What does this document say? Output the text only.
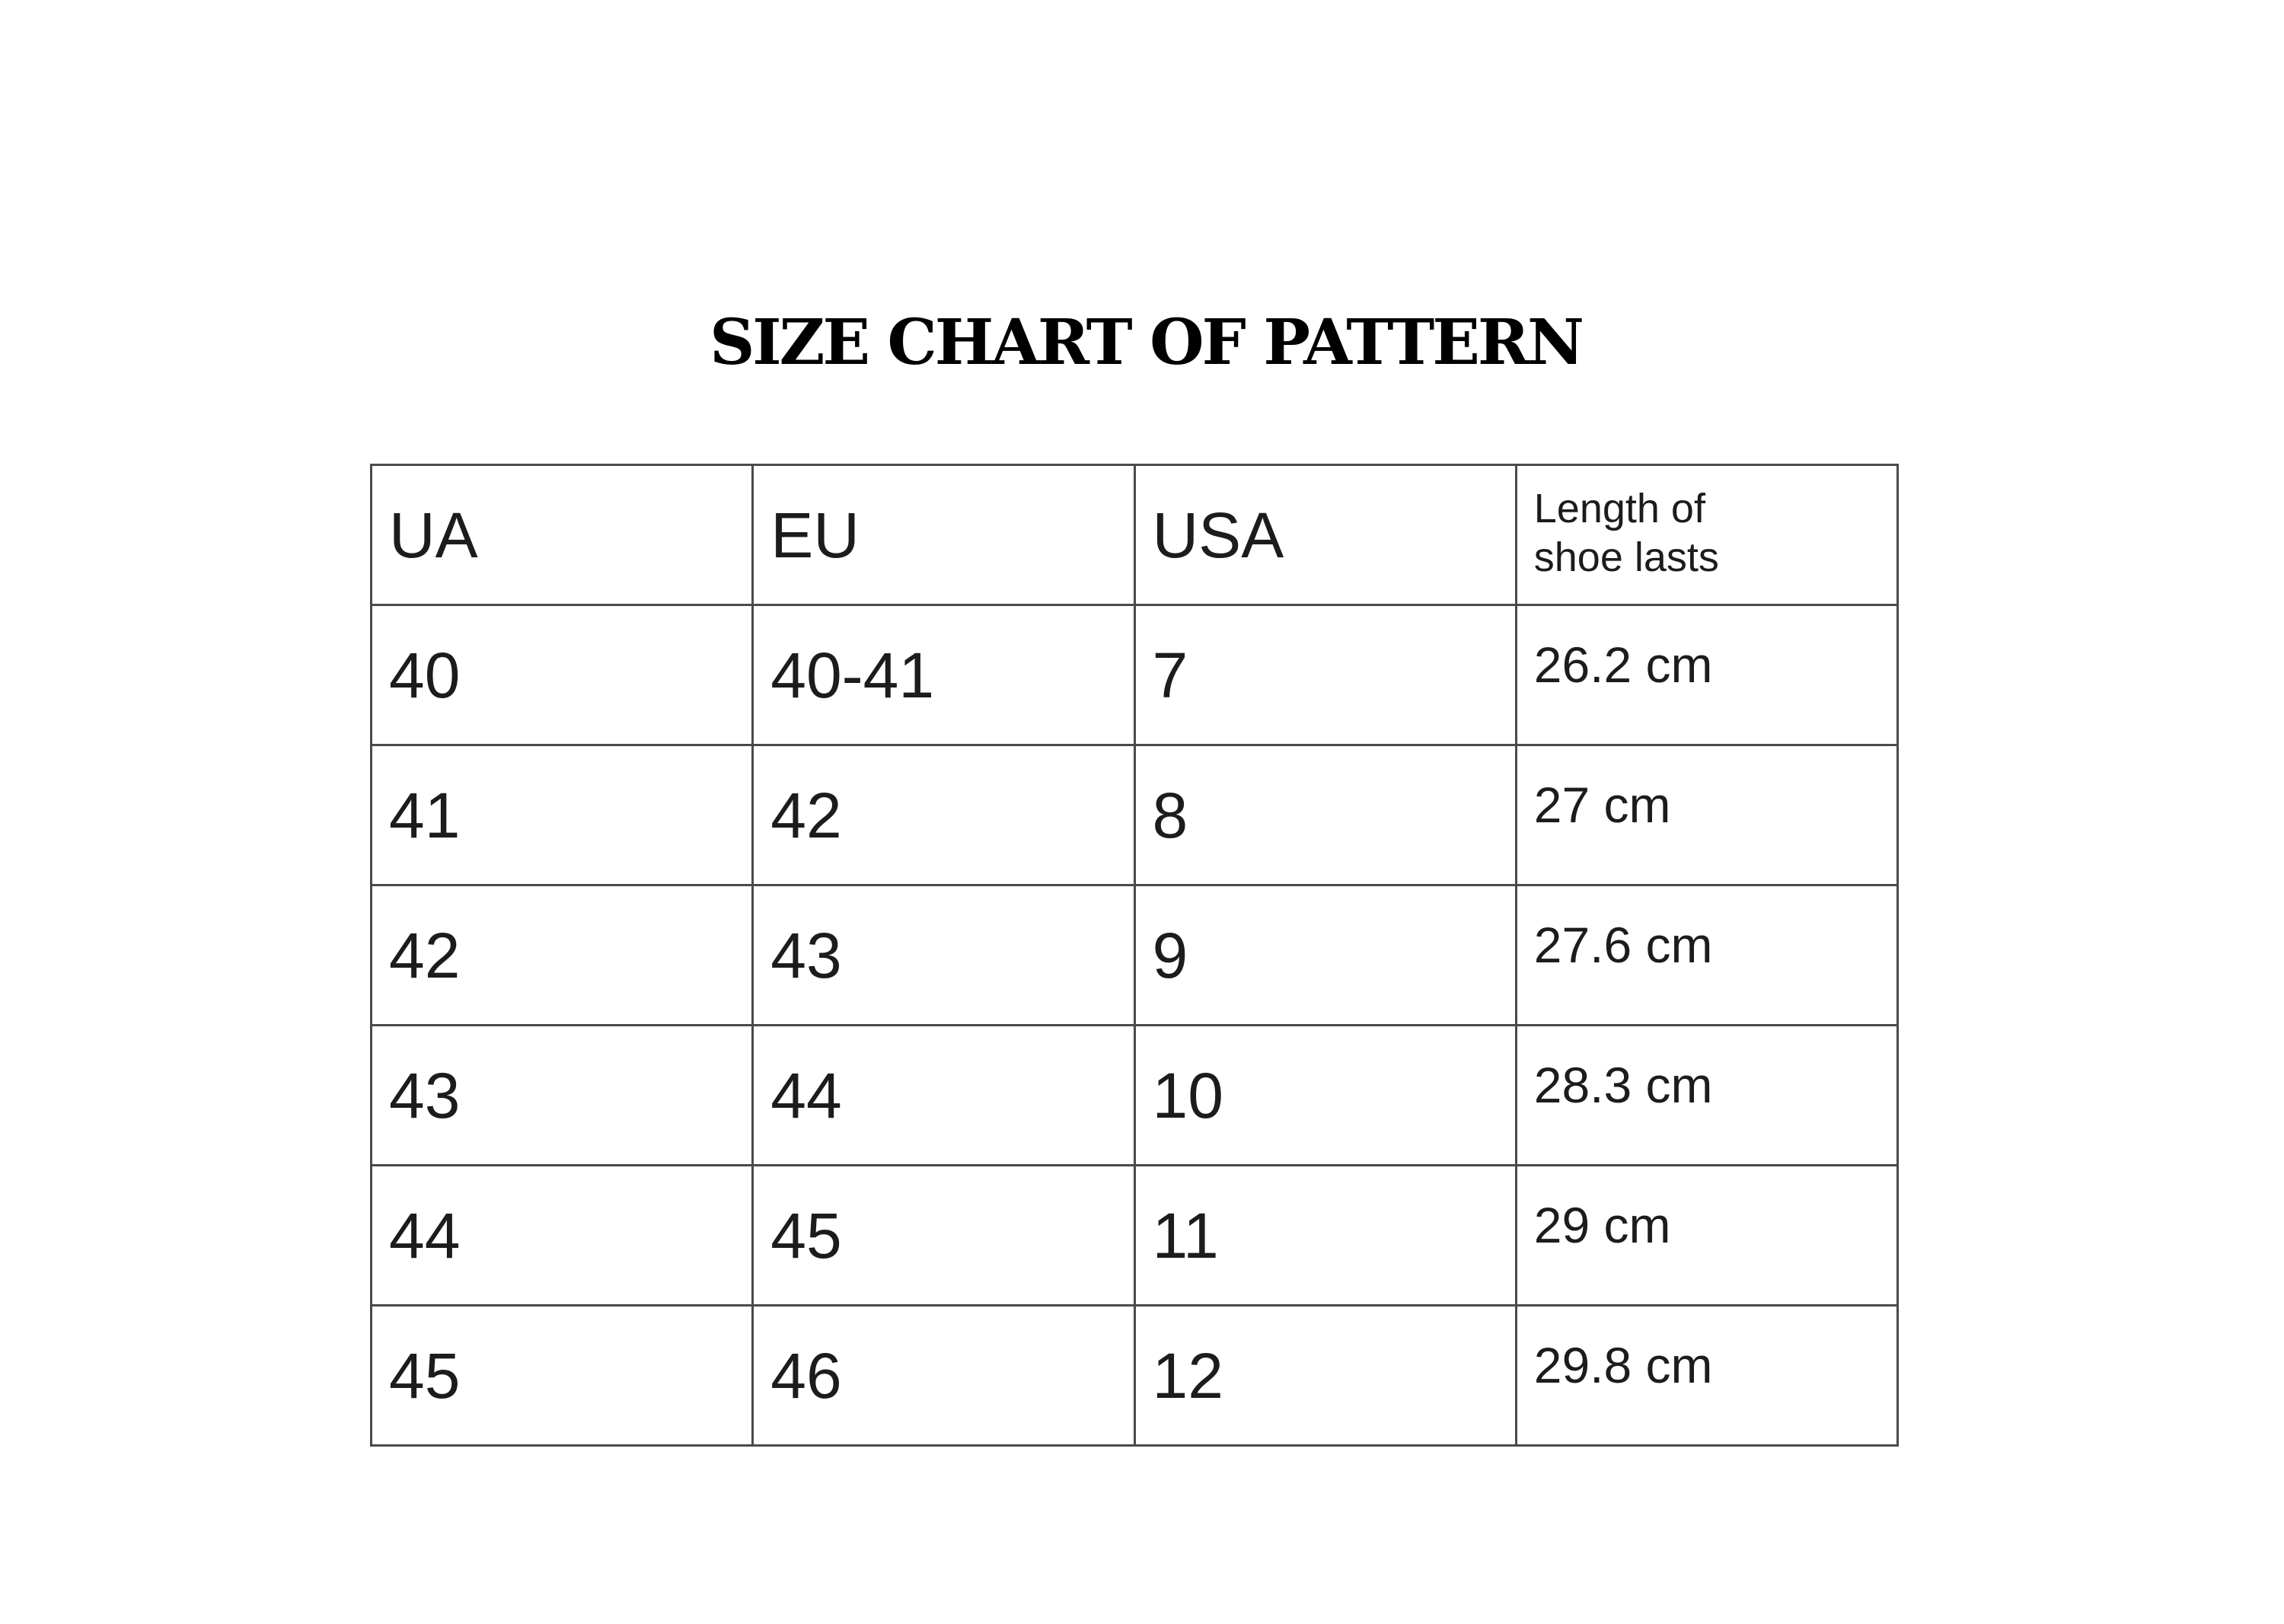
SIZE CHART OF PATTERN
UA	EU	USA	Length of
shoe lasts
40	40-41	7	26.2 cm
41	42	8	27 cm
42	43	9	27.6 cm
43	44	10	28.3 cm
44	45	11	29 cm
45	46	12	29.8 cm
